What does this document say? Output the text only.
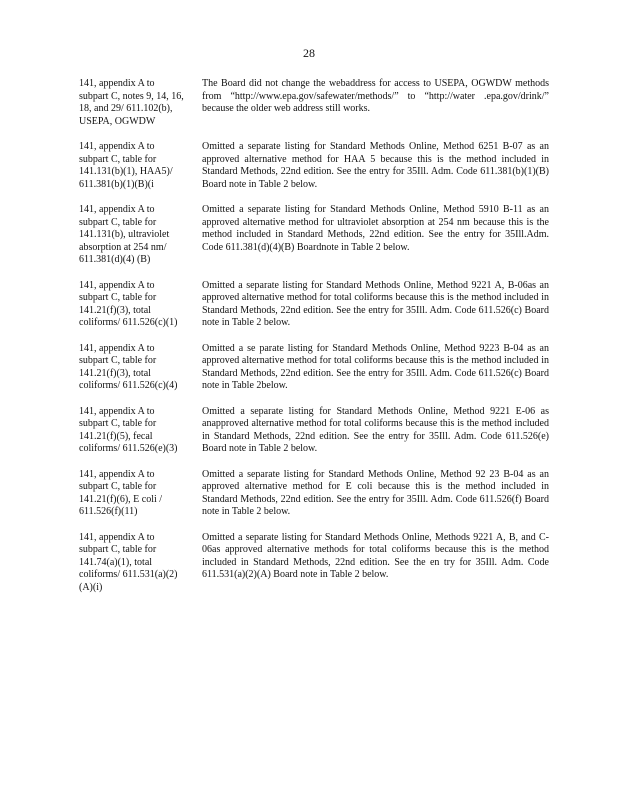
28
141, appendix A to subpart C, notes 9, 14, 16, 18, and 29/ 611.102(b), USEPA, OGWDW
The Board did not change the webaddress for access to USEPA, OGWDW methods from “http://www.epa.gov/safewater/methods/” to “http://water .epa.gov/drink/” because the older web address still works.
141, appendix A to subpart C, table for 141.131(b)(1), HAA5)/ 611.381(b)(1)(B)(i
Omitted a separate listing for Standard Methods Online, Method 6251 B-07 as an approved alternative method for HAA 5 because this is the method included in Standard Methods, 22nd edition. See the entry for 35Ill. Adm. Code 611.381(b)(1)(B) Board note in Table 2 below.
141, appendix A to subpart C, table for 141.131(b), ultraviolet absorption at 254 nm/ 611.381(d)(4) (B)
Omitted a separate listing for Standard Methods Online, Method 5910 B-11 as an approved alternative method for ultraviolet absorption at 254 nm because this is the method included in Standard Methods, 22nd edition. See the entry for 35Ill.Adm. Code 611.381(d)(4)(B) Boardnote in Table 2 below.
141, appendix A to subpart C, table for 141.21(f)(3), total coliforms/ 611.526(c)(1)
Omitted a separate listing for Standard Methods Online, Method 9221 A, B-06as an approved alternative method for total coliforms because this is the method included in Standard Methods, 22nd edition. See the entry for 35Ill. Adm. Code 611.526(c) Board note in Table 2 below.
141, appendix A to subpart C, table for 141.21(f)(3), total coliforms/ 611.526(c)(4)
Omitted a se parate listing for Standard Methods Online, Method 9223 B-04 as an approved alternative method for total coliforms because this is the method included in Standard Methods, 22nd edition. See the entry for 35Ill. Adm. Code 611.526(c) Board note in Table 2below.
141, appendix A to subpart C, table for 141.21(f)(5), fecal coliforms/ 611.526(e)(3)
Omitted a separate listing for Standard Methods Online, Method 9221 E-06 as anapproved alternative method for total coliforms because this is the method included in Standard Methods, 22nd edition. See the entry for 35Ill. Adm. Code 611.526(e) Board note in Table 2 below.
141, appendix A to subpart C, table for 141.21(f)(6), E coli / 611.526(f)(11)
Omitted a separate listing for Standard Methods Online, Method 92 23 B-04 as an approved alternative method for E coli because this is the method included in Standard Methods, 22nd edition. See the entry for 35Ill. Adm. Code 611.526(f) Board note in Table 2 below.
141, appendix A to subpart C, table for 141.74(a)(1), total coliforms/ 611.531(a)(2)(A)(i)
Omitted a separate listing for Standard Methods Online, Methods 9221 A, B, and C-06as approved alternative methods for total coliforms because this is the method included in Standard Methods, 22nd edition. See the en try for 35Ill. Adm. Code 611.531(a)(2)(A) Board note in Table 2 below.
